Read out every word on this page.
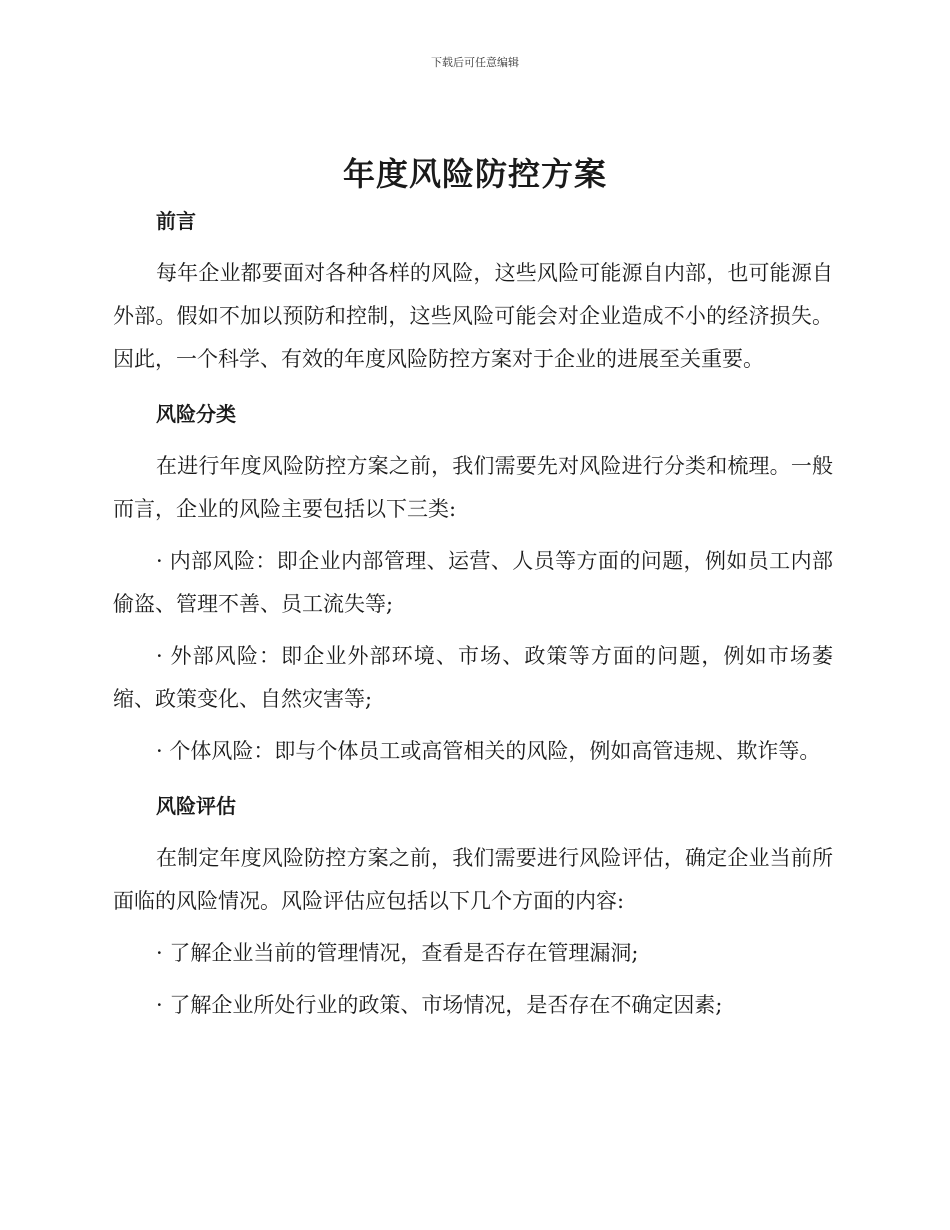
下载后可任意编辑
年度风险防控方案

前言

每年企业都要面对各种各样的风险，这些风险可能源自内部，也可能源自外部。假如不加以预防和控制，这些风险可能会对企业造成不小的经济损失。因此，一个科学、有效的年度风险防控方案对于企业的进展至关重要。

风险分类

在进行年度风险防控方案之前，我们需要先对风险进行分类和梳理。一般而言，企业的风险主要包括以下三类:

· 内部风险：即企业内部管理、运营、人员等方面的问题，例如员工内部偷盗、管理不善、员工流失等;

· 外部风险：即企业外部环境、市场、政策等方面的问题，例如市场萎缩、政策变化、自然灾害等;

· 个体风险：即与个体员工或高管相关的风险，例如高管违规、欺诈等。

风险评估

在制定年度风险防控方案之前，我们需要进行风险评估，确定企业当前所面临的风险情况。风险评估应包括以下几个方面的内容:

· 了解企业当前的管理情况，查看是否存在管理漏洞;

· 了解企业所处行业的政策、市场情况，是否存在不确定因素;
